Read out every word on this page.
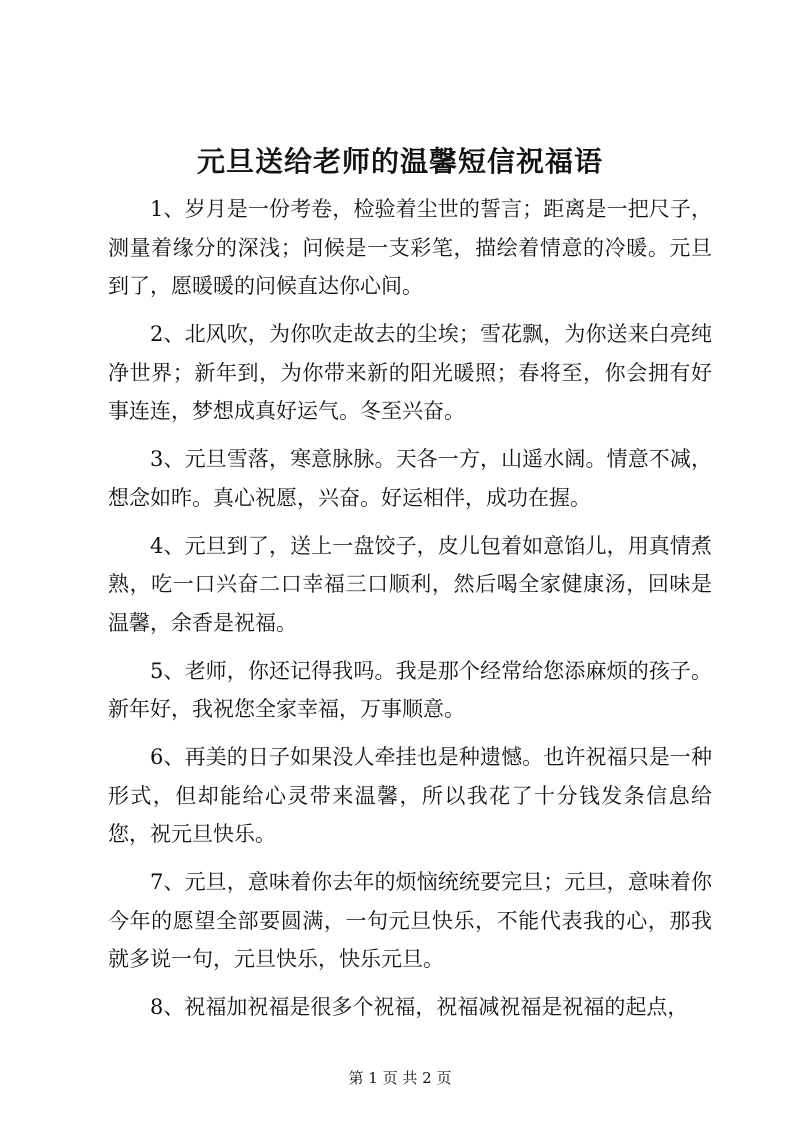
元旦送给老师的温馨短信祝福语

1、岁月是一份考卷，检验着尘世的誓言；距离是一把尺子，测量着缘分的深浅；问候是一支彩笔，描绘着情意的冷暖。元旦到了，愿暖暖的问候直达你心间。

2、北风吹，为你吹走故去的尘埃；雪花飘，为你送来白亮纯净世界；新年到，为你带来新的阳光暖照；春将至，你会拥有好事连连，梦想成真好运气。冬至兴奋。

3、元旦雪落，寒意脉脉。天各一方，山遥水阔。情意不减，想念如昨。真心祝愿，兴奋。好运相伴，成功在握。

4、元旦到了，送上一盘饺子，皮儿包着如意馅儿，用真情煮熟，吃一口兴奋二口幸福三口顺利，然后喝全家健康汤，回味是温馨，余香是祝福。

5、老师，你还记得我吗。我是那个经常给您添麻烦的孩子。新年好，我祝您全家幸福，万事顺意。

6、再美的日子如果没人牵挂也是种遗憾。也许祝福只是一种形式，但却能给心灵带来温馨，所以我花了十分钱发条信息给您，祝元旦快乐。

7、元旦，意味着你去年的烦恼统统要完旦；元旦，意味着你今年的愿望全部要圆满，一句元旦快乐，不能代表我的心，那我就多说一句，元旦快乐，快乐元旦。

8、祝福加祝福是很多个祝福，祝福减祝福是祝福的起点，

第 1 页 共 2 页
